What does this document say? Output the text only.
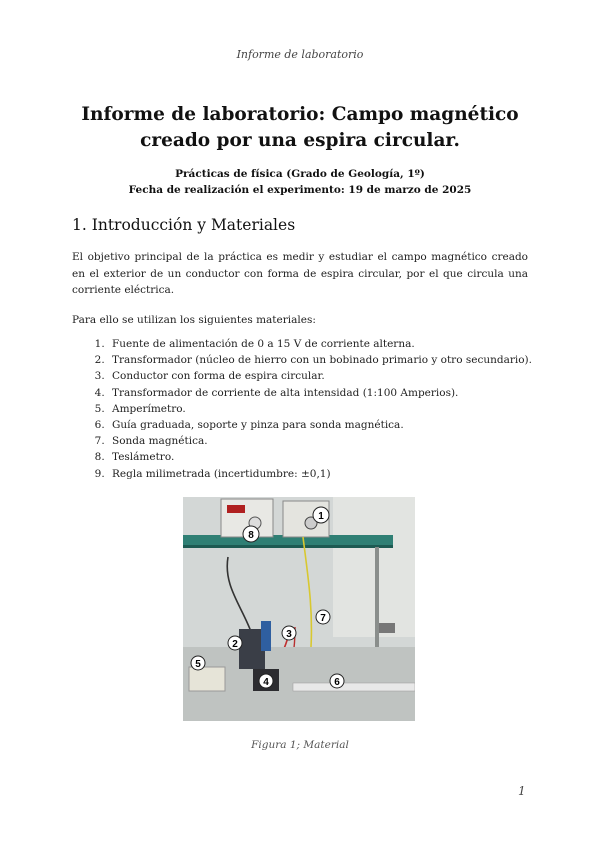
Informe de laboratorio
Informe de laboratorio: Campo magnético creado por una espira circular.
Prácticas de física (Grado de Geología, 1º)
Fecha de realización el experimento: 19 de marzo de 2025
1. Introducción y Materiales
El objetivo principal de la práctica es medir y estudiar el campo magnético creado en el exterior de un conductor con forma de espira circular, por el que circula una corriente eléctrica.
Para ello se utilizan los siguientes materiales:
1. Fuente de alimentación de 0 a 15 V de corriente alterna.
2. Transformador (núcleo de hierro con un bobinado primario y otro secundario).
3. Conductor con forma de espira circular.
4. Transformador de corriente de alta intensidad (1:100 Amperios).
5. Amperímetro.
6. Guía graduada, soporte y pinza para sonda magnética.
7. Sonda magnética.
8. Teslámetro.
9. Regla milimetrada (incertidumbre: ±0,1)
8
1
7
2
3
5
4	6
Figura 1; Material
1
